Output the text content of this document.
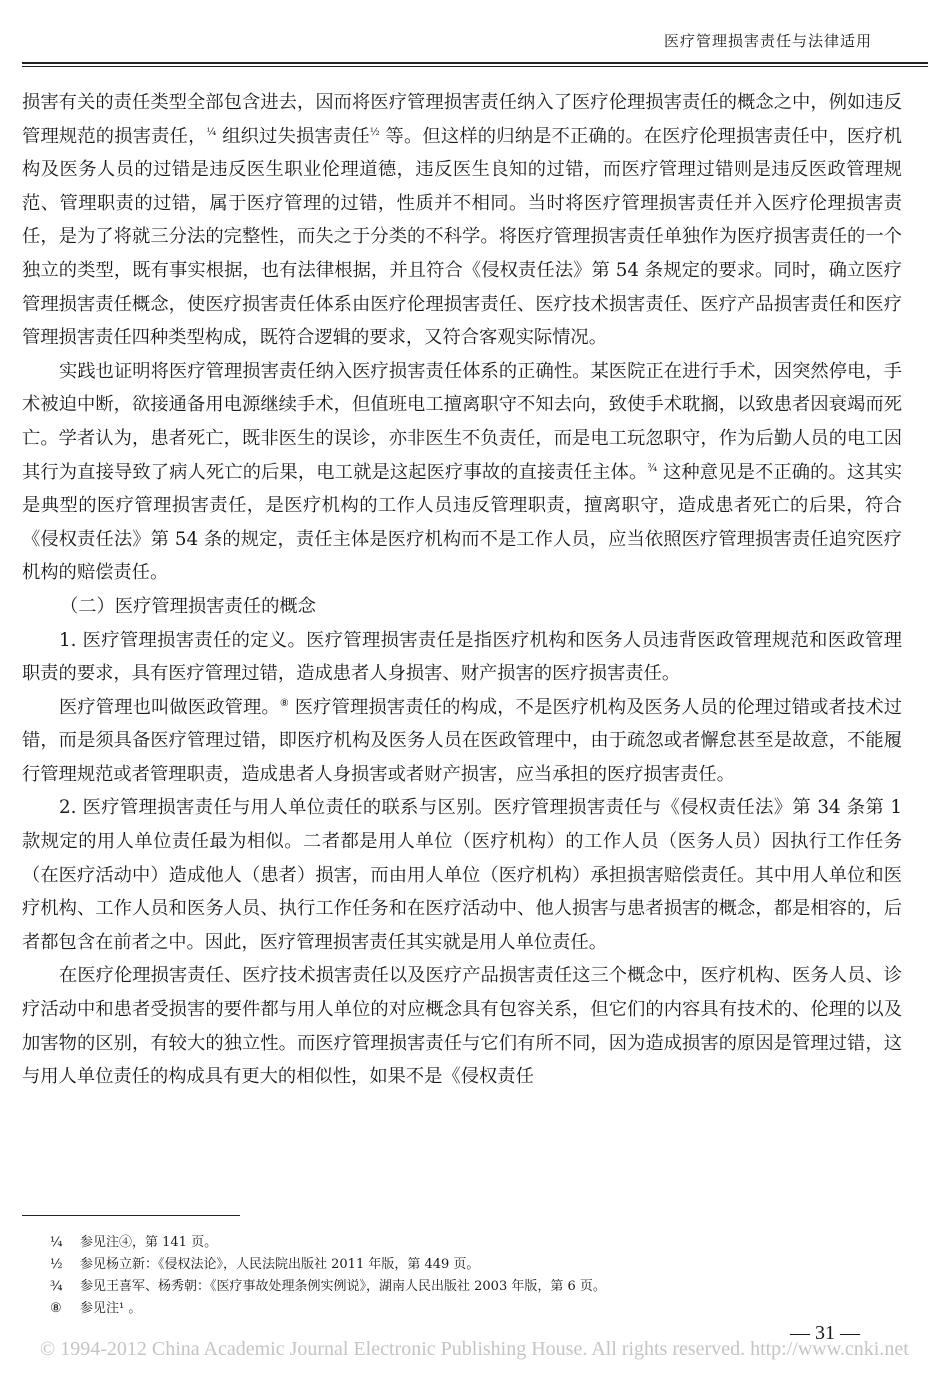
医疗管理损害责任与法律适用

损害有关的责任类型全部包含进去，因而将医疗管理损害责任纳入了医疗伦理损害责任的概念之中，例如违反管理规范的损害责任，$^{\frac{1}{4}}$ 组织过失损害责任$^{\frac{1}{2}}$ 等。但这样的归纳是不正确的。在医疗伦理损害责任中，医疗机构及医务人员的过错是违反医生职业伦理道德，违反医生良知的过错，而医疗管理过错则是违反医政管理规范、管理职责的过错，属于医疗管理的过错，性质并不相同。当时将医疗管理损害责任并入医疗伦理损害责任，是为了将就三分法的完整性，而失之于分类的不科学。将医疗管理损害责任单独作为医疗损害责任的一个独立的类型，既有事实根据，也有法律根据，并且符合《侵权责任法》第 54 条规定的要求。同时，确立医疗管理损害责任概念，使医疗损害责任体系由医疗伦理损害责任、医疗技术损害责任、医疗产品损害责任和医疗管理损害责任四种类型构成，既符合逻辑的要求，又符合客观实际情况。

实践也证明将医疗管理损害责任纳入医疗损害责任体系的正确性。某医院正在进行手术，因突然停电，手术被迫中断，欲接通备用电源继续手术，但值班电工擅离职守不知去向，致使手术耽搁，以致患者因衰竭而死亡。学者认为，患者死亡，既非医生的误诊，亦非医生不负责任，而是电工玩忽职守，作为后勤人员的电工因其行为直接导致了病人死亡的后果，电工就是这起医疗事故的直接责任主体。$^{\frac{3}{4}}$ 这种意见是不正确的。这其实是典型的医疗管理损害责任，是医疗机构的工作人员违反管理职责，擅离职守，造成患者死亡的后果，符合《侵权责任法》第 54 条的规定，责任主体是医疗机构而不是工作人员，应当依照医疗管理损害责任追究医疗机构的赔偿责任。

（二）医疗管理损害责任的概念

1. 医疗管理损害责任的定义。医疗管理损害责任是指医疗机构和医务人员违背医政管理规范和医政管理职责的要求，具有医疗管理过错，造成患者人身损害、财产损害的医疗损害责任。

医疗管理也叫做医政管理。⑧ 医疗管理损害责任的构成，不是医疗机构及医务人员的伦理过错或者技术过错，而是须具备医疗管理过错，即医疗机构及医务人员在医政管理中，由于疏忽或者懈怠甚至是故意，不能履行管理规范或者管理职责，造成患者人身损害或者财产损害，应当承担的医疗损害责任。

2. 医疗管理损害责任与用人单位责任的联系与区别。医疗管理损害责任与《侵权责任法》第 34 条第 1 款规定的用人单位责任最为相似。二者都是用人单位（医疗机构）的工作人员（医务人员）因执行工作任务（在医疗活动中）造成他人（患者）损害，而由用人单位（医疗机构）承担损害赔偿责任。其中用人单位和医疗机构、工作人员和医务人员、执行工作任务和在医疗活动中、他人损害与患者损害的概念，都是相容的，后者都包含在前者之中。因此，医疗管理损害责任其实就是用人单位责任。

在医疗伦理损害责任、医疗技术损害责任以及医疗产品损害责任这三个概念中，医疗机构、医务人员、诊疗活动中和患者受损害的要件都与用人单位的对应概念具有包容关系，但它们的内容具有技术的、伦理的以及加害物的区别，有较大的独立性。而医疗管理损害责任与它们有所不同，因为造成损害的原因是管理过错，这与用人单位责任的构成具有更大的相似性，如果不是《侵权责任

¼	参见注④，第 141 页。
½	参见杨立新：《侵权法论》，人民法院出版社 2011 年版，第 449 页。
¾	参见王喜军、杨秀朝：《医疗事故处理条例实例说》，湖南人民出版社 2003 年版，第 6 页。
⑧	参见注¹ 。
— 31 —
© 1994-2012 China Academic Journal Electronic Publishing House. All rights reserved. http://www.cnki.net
